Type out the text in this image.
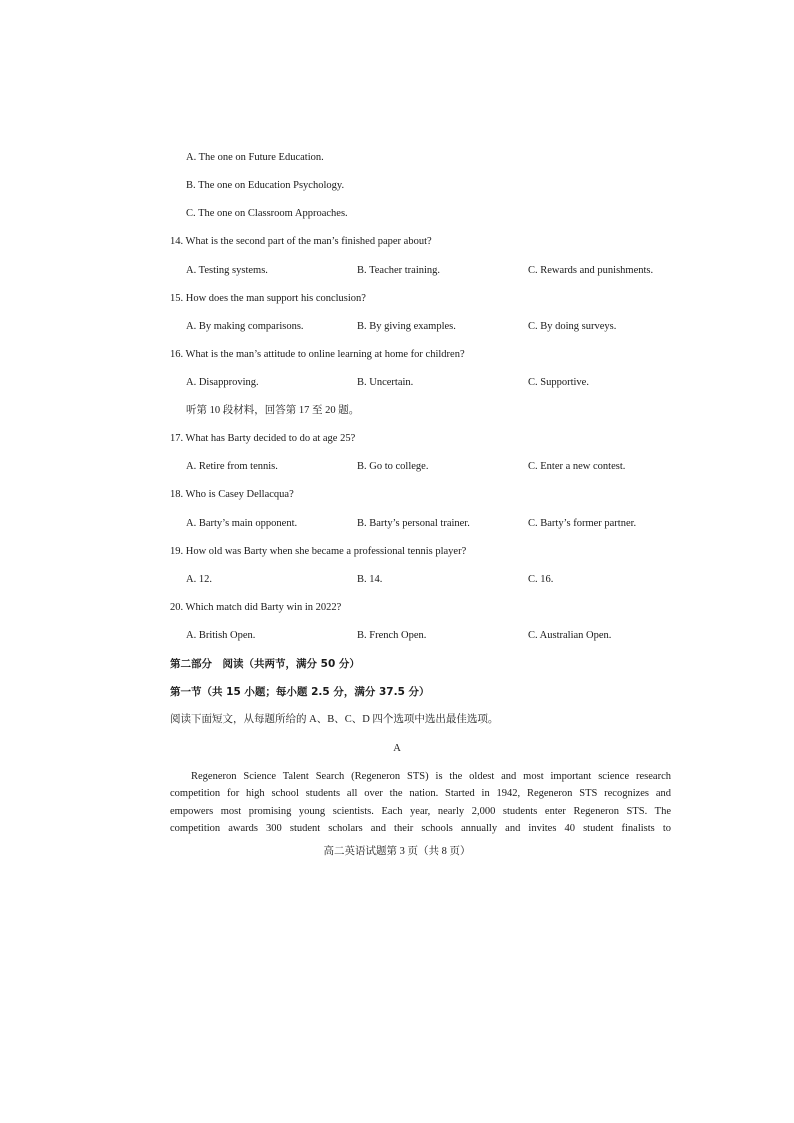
A. The one on Future Education.
B. The one on Education Psychology.
C. The one on Classroom Approaches.
14. What is the second part of the man’s finished paper about?
A. Testing systems.	B. Teacher training.	C. Rewards and punishments.
15. How does the man support his conclusion?
A. By making comparisons.	B. By giving examples.	C. By doing surveys.
16. What is the man’s attitude to online learning at home for children?
A. Disapproving.	B. Uncertain.	C. Supportive.
听第 10 段材料，回答第 17 至 20 题。
17. What has Barty decided to do at age 25?
A. Retire from tennis.	B. Go to college.	C. Enter a new contest.
18. Who is Casey Dellacqua?
A. Barty’s main opponent.	B. Barty’s personal trainer.	C. Barty’s former partner.
19. How old was Barty when she became a professional tennis player?
A. 12.	B. 14.	C. 16.
20. Which match did Barty win in 2022?
A. British Open.	B. French Open.	C. Australian Open.
第二部分　阅读（共两节，满分 50 分）
第一节（共 15 小题；每小题 2.5 分，满分 37.5 分）
阅读下面短文，从每题所给的 A、B、C、D 四个选项中选出最佳选项。
A
Regeneron Science Talent Search (Regeneron STS) is the oldest and most important science research
competition for high school students all over the nation. Started in 1942, Regeneron STS recognizes and
empowers most promising young scientists. Each year, nearly 2,000 students enter Regeneron STS. The
competition awards 300 student scholars and their schools annually and invites 40 student finalists to
高二英语试题第 3 页（共 8 页）
